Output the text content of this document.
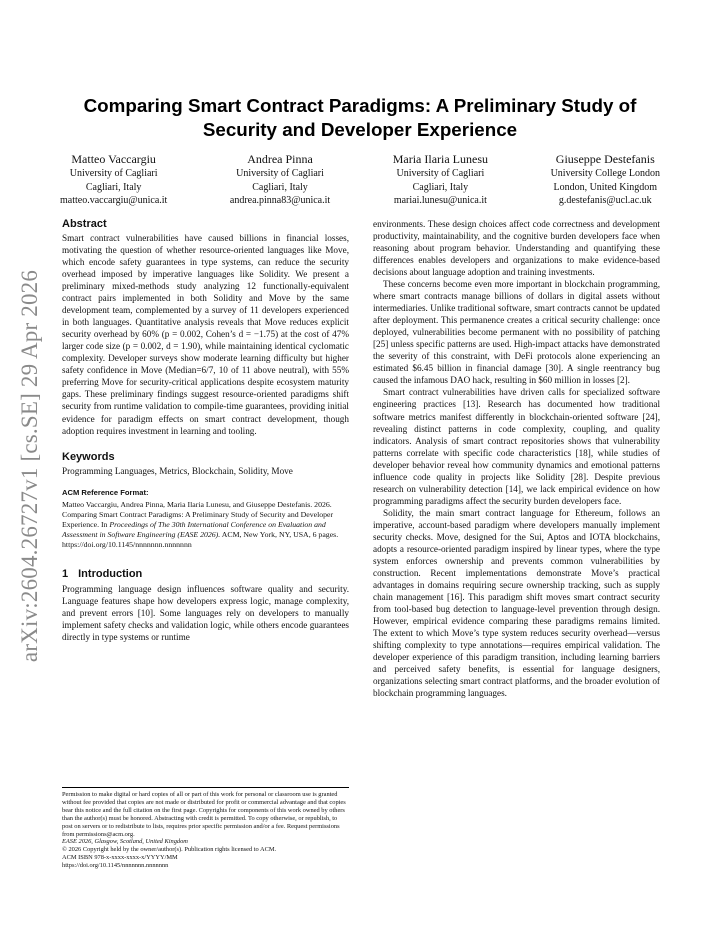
arXiv:2604.26727v1 [cs.SE] 29 Apr 2026
Comparing Smart Contract Paradigms: A Preliminary Study of Security and Developer Experience
Matteo Vaccargiu
University of Cagliari
Cagliari, Italy
matteo.vaccargiu@unica.it
Andrea Pinna
University of Cagliari
Cagliari, Italy
andrea.pinna83@unica.it
Maria Ilaria Lunesu
University of Cagliari
Cagliari, Italy
mariai.lunesu@unica.it
Giuseppe Destefanis
University College London
London, United Kingdom
g.destefanis@ucl.ac.uk
Abstract

Smart contract vulnerabilities have caused billions in financial losses, motivating the question of whether resource-oriented languages like Move, which encode safety guarantees in type systems, can reduce the security overhead imposed by imperative languages like Solidity. We present a preliminary mixed-methods study analyzing 12 functionally-equivalent contract pairs implemented in both Solidity and Move by the same development team, complemented by a survey of 11 developers experienced in both languages. Quantitative analysis reveals that Move reduces explicit security overhead by 60% (p = 0.002, Cohen’s d = −1.75) at the cost of 47% larger code size (p = 0.002, d = 1.90), while maintaining identical cyclomatic complexity. Developer surveys show moderate learning difficulty but higher safety confidence in Move (Median=6/7, 10 of 11 above neutral), with 55% preferring Move for security-critical applications despite ecosystem maturity gaps. These preliminary findings suggest resource-oriented paradigms shift security from runtime validation to compile-time guarantees, providing initial evidence for paradigm effects on smart contract development, though adoption requires investment in learning and tooling.

Keywords

Programming Languages, Metrics, Blockchain, Solidity, Move

ACM Reference Format:

Matteo Vaccargiu, Andrea Pinna, Maria Ilaria Lunesu, and Giuseppe Destefanis. 2026. Comparing Smart Contract Paradigms: A Preliminary Study of Security and Developer Experience. In Proceedings of The 30th International Conference on Evaluation and Assessment in Software Engineering (EASE 2026). ACM, New York, NY, USA, 6 pages. https://doi.org/10.1145/nnnnnnn.nnnnnnn

1 Introduction

Programming language design influences software quality and security. Language features shape how developers express logic, manage complexity, and prevent errors [10]. Some languages rely on developers to manually implement safety checks and validation logic, while others encode guarantees directly in type systems or runtime

environments. These design choices affect code correctness and development productivity, maintainability, and the cognitive burden developers face when reasoning about program behavior. Understanding and quantifying these differences enables developers and organizations to make evidence-based decisions about language adoption and training investments.

These concerns become even more important in blockchain programming, where smart contracts manage billions of dollars in digital assets without intermediaries. Unlike traditional software, smart contracts cannot be updated after deployment. This permanence creates a critical security challenge: once deployed, vulnerabilities become permanent with no possibility of patching [25] unless specific patterns are used. High-impact attacks have demonstrated the severity of this constraint, with DeFi protocols alone experiencing an estimated $6.45 billion in financial damage [30]. A single reentrancy bug caused the infamous DAO hack, resulting in $60 million in losses [2].

Smart contract vulnerabilities have driven calls for specialized software engineering practices [13]. Research has documented how traditional software metrics manifest differently in blockchain-oriented software [24], revealing distinct patterns in code complexity, coupling, and quality indicators. Analysis of smart contract repositories shows that vulnerability patterns correlate with specific code characteristics [18], while studies of developer behavior reveal how community dynamics and emotional patterns influence code quality in projects like Solidity [28]. Despite previous research on vulnerability detection [14], we lack empirical evidence on how programming paradigms affect the security burden developers face.

Solidity, the main smart contract language for Ethereum, follows an imperative, account-based paradigm where developers manually implement security checks. Move, designed for the Sui, Aptos and IOTA blockchains, adopts a resource-oriented paradigm inspired by linear types, where the type system enforces ownership and prevents common vulnerabilities by construction. Recent implementations demonstrate Move’s practical advantages in domains requiring secure ownership tracking, such as supply chain management [16]. This paradigm shift moves smart contract security from tool-based bug detection to language-level prevention through design. However, empirical evidence comparing these paradigms remains limited. The extent to which Move’s type system reduces security overhead—versus shifting complexity to type annotations—requires empirical validation. The developer experience of this paradigm transition, including learning barriers and perceived safety benefits, is essential for language designers, organizations selecting smart contract platforms, and the broader evolution of blockchain programming languages.

Permission to make digital or hard copies of all or part of this work for personal or classroom use is granted without fee provided that copies are not made or distributed for profit or commercial advantage and that copies bear this notice and the full citation on the first page. Copyrights for components of this work owned by others than the author(s) must be honored. Abstracting with credit is permitted. To copy otherwise, or republish, to post on servers or to redistribute to lists, requires prior specific permission and/or a fee. Request permissions from permissions@acm.org.
EASE 2026, Glasgow, Scotland, United Kingdom
© 2026 Copyright held by the owner/author(s). Publication rights licensed to ACM.
ACM ISBN 978-x-xxxx-xxxx-x/YYYY/MM
https://doi.org/10.1145/nnnnnnn.nnnnnnn
